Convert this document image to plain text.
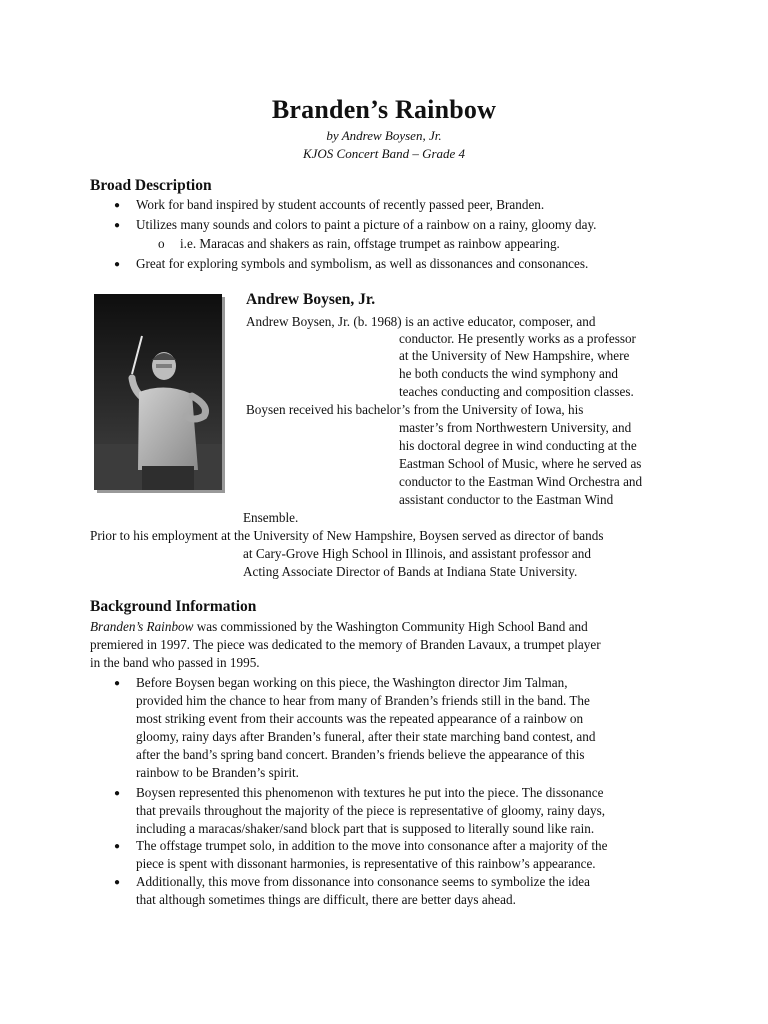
Branden’s Rainbow
by Andrew Boysen, Jr.
KJOS Concert Band – Grade 4
Broad Description
● Work for band inspired by student accounts of recently passed peer, Branden.
● Utilizes many sounds and colors to paint a picture of a rainbow on a rainy, gloomy day.
o i.e. Maracas and shakers as rain, offstage trumpet as rainbow appearing.
● Great for exploring symbols and symbolism, as well as dissonances and consonances.
Andrew Boysen, Jr.
Andrew Boysen, Jr. (b. 1968) is an active educator, composer, and
conductor. He presently works as a professor
at the University of New Hampshire, where
he both conducts the wind symphony and
teaches conducting and composition classes.
Boysen received his bachelor’s from the University of Iowa, his
master’s from Northwestern University, and
his doctoral degree in wind conducting at the
Eastman School of Music, where he served as
conductor to the Eastman Wind Orchestra and
assistant conductor to the Eastman Wind
Ensemble.
Prior to his employment at the University of New Hampshire, Boysen served as director of bands
at Cary-Grove High School in Illinois, and assistant professor and
Acting Associate Director of Bands at Indiana State University.
Background Information
Branden’s Rainbow was commissioned by the Washington Community High School Band and
premiered in 1997. The piece was dedicated to the memory of Branden Lavaux, a trumpet player
in the band who passed in 1995.
● Before Boysen began working on this piece, the Washington director Jim Talman,
provided him the chance to hear from many of Branden’s friends still in the band. The
most striking event from their accounts was the repeated appearance of a rainbow on
gloomy, rainy days after Branden’s funeral, after their state marching band contest, and
after the band’s spring band concert. Branden’s friends believe the appearance of this
rainbow to be Branden’s spirit.
● Boysen represented this phenomenon with textures he put into the piece. The dissonance
that prevails throughout the majority of the piece is representative of gloomy, rainy days,
including a maracas/shaker/sand block part that is supposed to literally sound like rain.
● The offstage trumpet solo, in addition to the move into consonance after a majority of the
piece is spent with dissonant harmonies, is representative of this rainbow’s appearance.
● Additionally, this move from dissonance into consonance seems to symbolize the idea
that although sometimes things are difficult, there are better days ahead.
